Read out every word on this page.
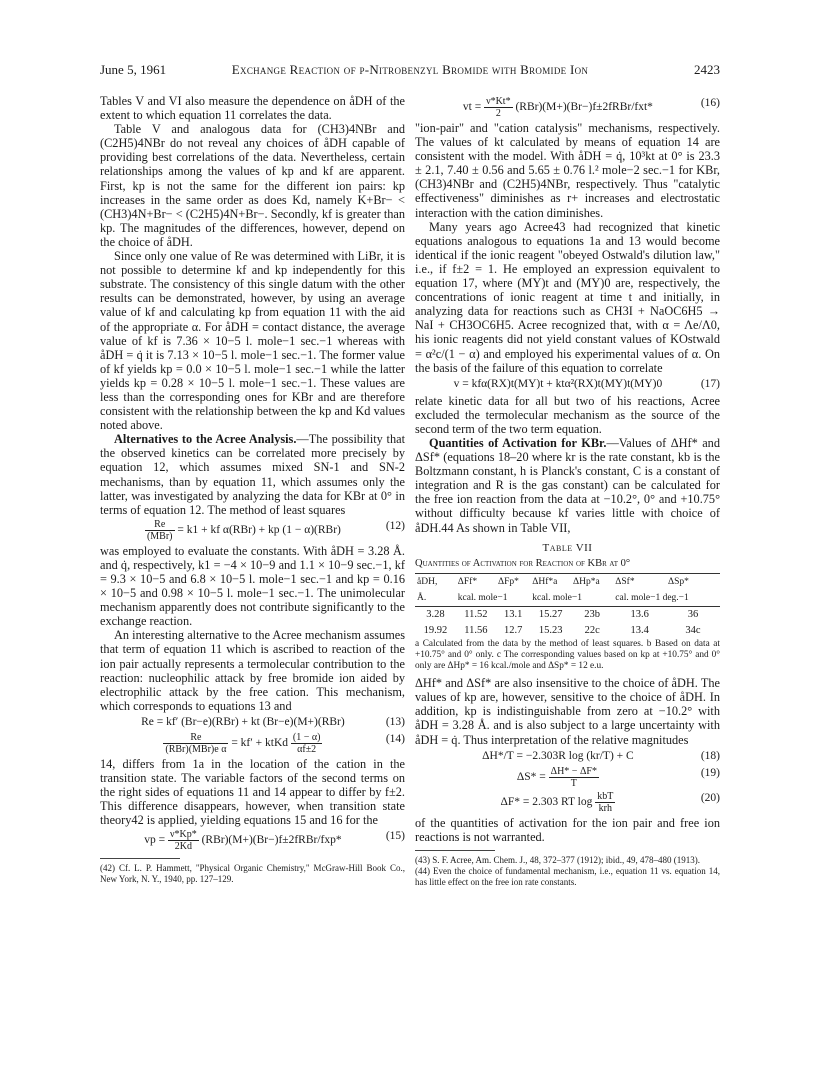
June 5, 1961	Exchange Reaction of p-Nitrobenzyl Bromide with Bromide Ion	2423

Tables V and VI also measure the dependence on åDH of the extent to which equation 11 correlates the data.

Table V and analogous data for (CH3)4NBr and (C2H5)4NBr do not reveal any choices of åDH capable of providing best correlations of the data. Nevertheless, certain relationships among the values of kp and kf are apparent. First, kp is not the same for the different ion pairs: kp increases in the same order as does Kd, namely K+Br− < (CH3)4N+Br− < (C2H5)4N+Br−. Secondly, kf is greater than kp. The magnitudes of the differences, however, depend on the choice of åDH.

Since only one value of Re was determined with LiBr, it is not possible to determine kf and kp independently for this substrate. The consistency of this single datum with the other results can be demonstrated, however, by using an average value of kf and calculating kp from equation 11 with the aid of the appropriate α. For åDH = contact distance, the average value of kf is 7.36 × 10−5 l. mole−1 sec.−1 whereas with åDH = q̇ it is 7.13 × 10−5 l. mole−1 sec.−1. The former value of kf yields kp = 0.0 × 10−5 l. mole−1 sec.−1 while the latter yields kp = 0.28 × 10−5 l. mole−1 sec.−1. These values are less than the corresponding ones for KBr and are therefore consistent with the relationship between the kp and Kd values noted above.

Alternatives to the Acree Analysis.—The possibility that the observed kinetics can be correlated more precisely by equation 12, which assumes mixed SN-1 and SN-2 mechanisms, than by equation 11, which assumes only the latter, was investigated by analyzing the data for KBr at 0° in terms of equation 12. The method of least squares

$\frac{Re}{\text{(MBr)}} = k1$ + kf α(RBr) + kp (1 − α)(RBr)	(12)

was employed to evaluate the constants. With åDH = 3.28 Å. and q̇, respectively, k1 = −4 × 10−9 and 1.1 × 10−9 sec.−1, kf = 9.3 × 10−5 and 6.8 × 10−5 l. mole−1 sec.−1 and kp = 0.16 × 10−5 and 0.98 × 10−5 l. mole−1 sec.−1. The unimolecular mechanism apparently does not contribute significantly to the exchange reaction.

An interesting alternative to the Acree mechanism assumes that term of equation 11 which is ascribed to reaction of the ion pair actually represents a termolecular contribution to the reaction: nucleophilic attack by free bromide ion aided by electrophilic attack by the free cation. This mechanism, which corresponds to equations 13 and

Re = kf′ (Br−e)(RBr) + kt (Br−e)(M+)(RBr)	(13)
$\frac{Re}{\text{(RBr)(MBr)e α}} = kf'$ + ktKd $\frac{(1 - \alpha)}{\alpha f\pm 2}$	(14)

14, differs from 1a in the location of the cation in the transition state. The variable factors of the second terms on the right sides of equations 11 and 14 appear to differ by f±2. This difference disappears, however, when transition state theory42 is applied, yielding equations 15 and 16 for the

vp = $\frac{\nu*Kp*}{2Kd}$ (RBr)(M+)(Br−)f±2fRBr/fxp*	(15)

(42) Cf. L. P. Hammett, "Physical Organic Chemistry," McGraw-Hill Book Co., New York, N. Y., 1940, pp. 127–129.

vt = $\frac{\nu*Kt*}{2}$ (RBr)(M+)(Br−)f±2fRBr/fxt*	(16)

"ion-pair" and "cation catalysis" mechanisms, respectively. The values of kt calculated by means of equation 14 are consistent with the model. With åDH = q̇, 10³kt at 0° is 23.3 ± 2.1, 7.40 ± 0.56 and 5.65 ± 0.76 l.² mole−2 sec.−1 for KBr, (CH3)4NBr and (C2H5)4NBr, respectively. Thus "catalytic effectiveness" diminishes as r+ increases and electrostatic interaction with the cation diminishes.

Many years ago Acree43 had recognized that kinetic equations analogous to equations 1a and 13 would become identical if the ionic reagent "obeyed Ostwald's dilution law," i.e., if f±2 = 1. He employed an expression equivalent to equation 17, where (MY)t and (MY)0 are, respectively, the concentrations of ionic reagent at time t and initially, in analyzing data for reactions such as CH3I + NaOC6H5 → NaI + CH3OC6H5. Acree recognized that, with α = Λe/Λ0, his ionic reagents did not yield constant values of KOstwald = α²c/(1 − α) and employed his experimental values of α. On the basis of the failure of this equation to correlate

v = kfα(RX)t(MY)t + ktα²(RX)t(MY)t(MY)0	(17)

relate kinetic data for all but two of his reactions, Acree excluded the termolecular mechanism as the source of the second term of the two term equation.

Quantities of Activation for KBr.—Values of ΔHf* and ΔSf* (equations 18–20 where kr is the rate constant, kb is the Boltzmann constant, h is Planck's constant, C is a constant of integration and R is the gas constant) can be calculated for the free ion reaction from the data at −10.2°, 0° and +10.75° without difficulty because kf varies little with choice of åDH.44 As shown in Table VII,

Table VII
Quantities of Activation for Reaction of KBr at 0°
åDH,	ΔFf*	ΔFp*	ΔHf*a	ΔHp*a	ΔSf*	ΔSp*
Å.	kcal. mole−1		kcal. mole−1		cal. mole−1 deg.−1	
3.28	11.52	13.1	15.27	23b	13.6	36
19.92	11.56	12.7	15.23	22c	13.4	34c

a Calculated from the data by the method of least squares. b Based on data at +10.75° and 0° only. c The corresponding values based on kp at +10.75° and 0° only are ΔHp* = 16 kcal./mole and ΔSp* = 12 e.u.

ΔHf* and ΔSf* are also insensitive to the choice of åDH. The values of kp are, however, sensitive to the choice of åDH. In addition, kp is indistinguishable from zero at −10.2° with åDH = 3.28 Å. and is also subject to a large uncertainty with åDH = q̇. Thus interpretation of the relative magnitudes

ΔH*/T = −2.303R log (kr/T) + C	(18)
$\Delta S* = \frac{\Delta H* - \Delta F*}{T}$	(19)
ΔF* = 2.303 RT $\log \frac{\text{kbT}}{\text{krh}}$	(20)

of the quantities of activation for the ion pair and free ion reactions is not warranted.

(43) S. F. Acree, Am. Chem. J., 48, 372–377 (1912); ibid., 49, 478–480 (1913).

(44) Even the choice of fundamental mechanism, i.e., equation 11 vs. equation 14, has little effect on the free ion rate constants.
